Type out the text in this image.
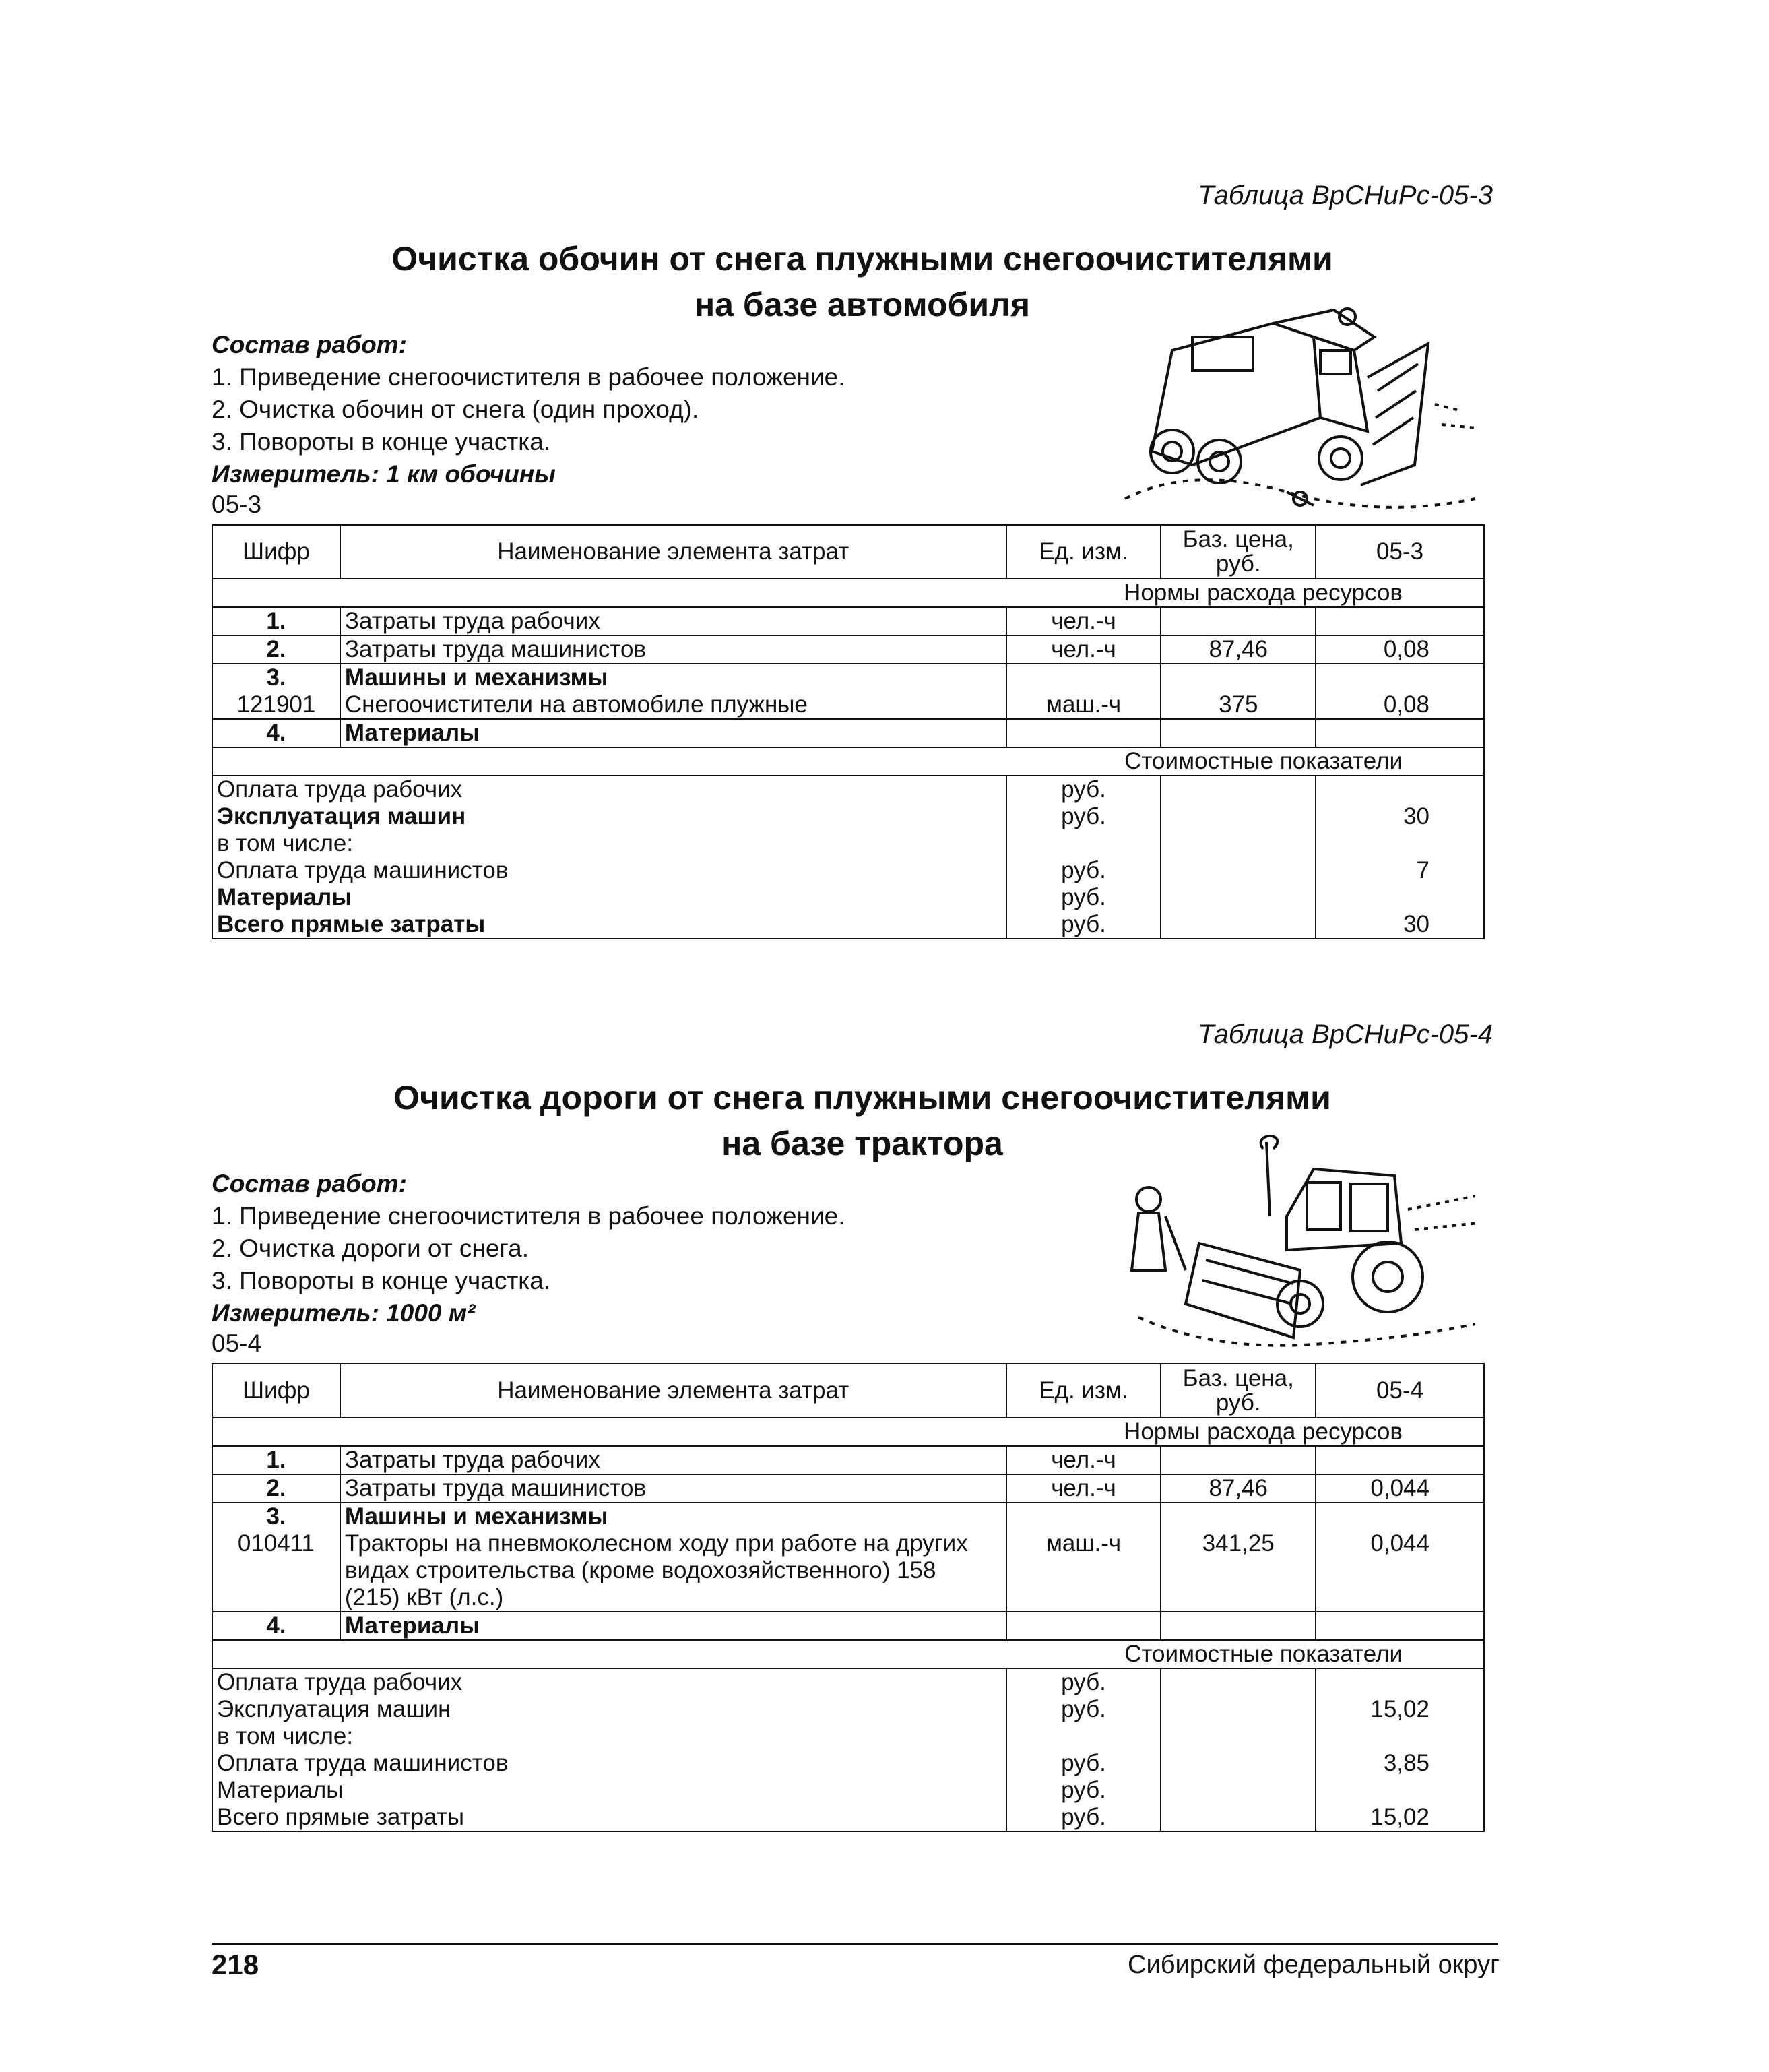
Таблица ВрСНиРс-05-3
Очистка обочин от снега плужными снегоочистителями
на базе автомобиля
Состав работ:
1. Приведение снегоочистителя в рабочее положение.
2. Очистка обочин от снега (один проход).
3. Повороты в конце участка.
Измеритель: 1 км обочины
05-3
Шифр	Наименование элемента затрат	Ед. изм.	Баз. цена, руб.	05-3
Нормы расхода ресурсов				
1.	Затраты труда рабочих	чел.-ч		
2.	Затраты труда машинистов	чел.-ч	87,46	0,08
3.	Машины и механизмы			
121901	Снегоочистители на автомобиле плужные	маш.-ч	375	0,08
4.	Материалы			
Стоимостные показатели				
Оплата труда рабочих		руб.		
Эксплуатация машин		руб.		30
в том числе:				
Оплата труда машинистов		руб.		7
Материалы		руб.		
Всего прямые затраты		руб.		30
Таблица ВрСНиРс-05-4
Очистка дороги от снега плужными снегоочистителями
на базе трактора
Состав работ:
1. Приведение снегоочистителя в рабочее положение.
2. Очистка дороги от снега.
3. Повороты в конце участка.
Измеритель: 1000 м²
05-4
Шифр	Наименование элемента затрат	Ед. изм.	Баз. цена, руб.	05-4
Нормы расхода ресурсов				
1.	Затраты труда рабочих	чел.-ч		
2.	Затраты труда машинистов	чел.-ч	87,46	0,044
3.	Машины и механизмы			
010411	Тракторы на пневмоколесном ходу при работе на других видах строительства (кроме водохозяйственного) 158 (215) кВт (л.с.)	маш.-ч	341,25	0,044
4.	Материалы			
Стоимостные показатели				
Оплата труда рабочих		руб.		
Эксплуатация машин		руб.		15,02
в том числе:				
Оплата труда машинистов		руб.		3,85
Материалы		руб.		
Всего прямые затраты		руб.		15,02
218	Сибирский федеральный округ
